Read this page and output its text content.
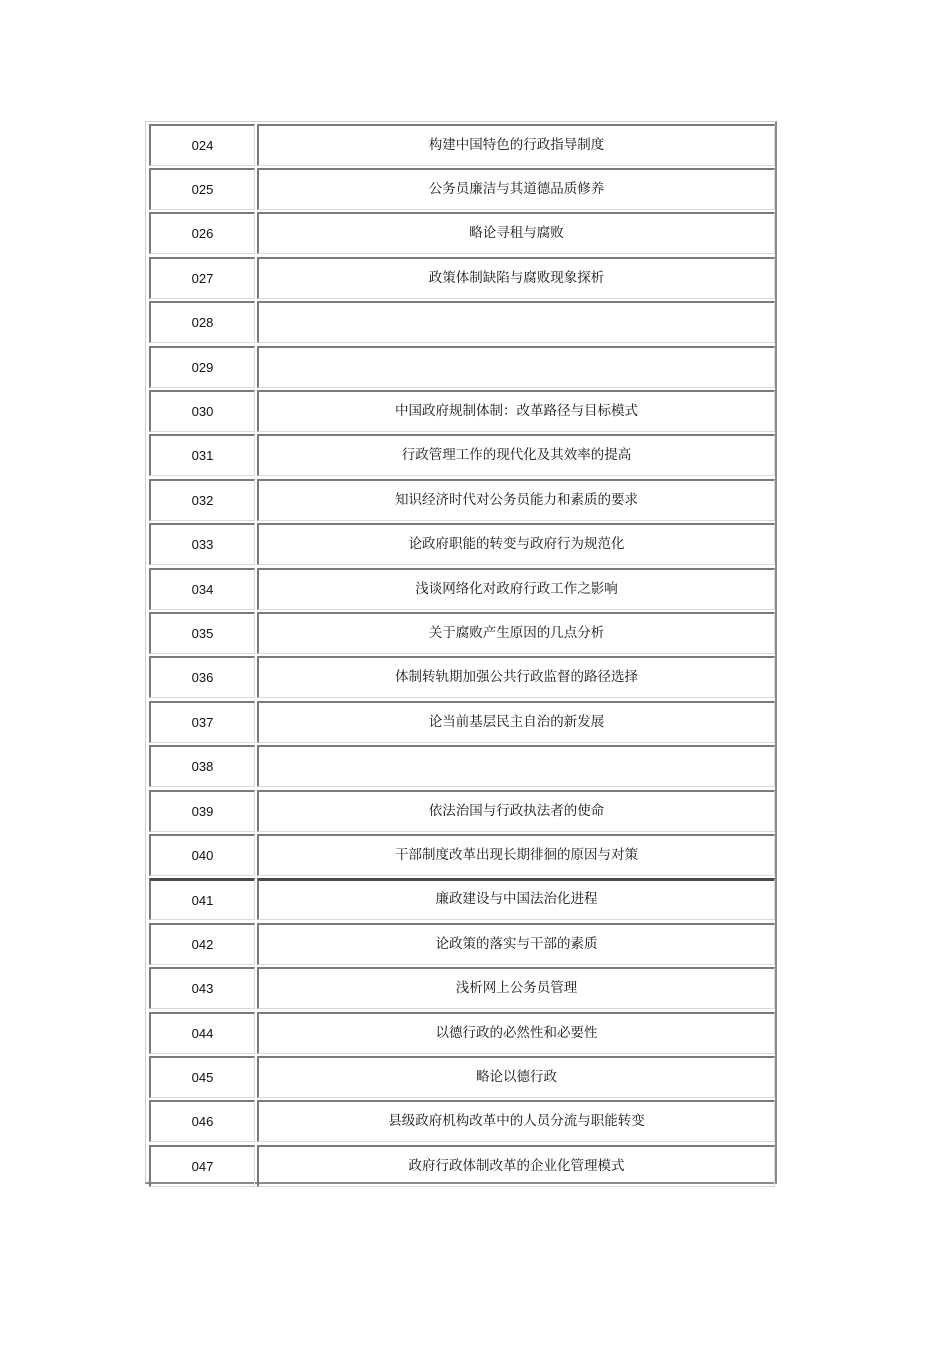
024	构建中国特色的行政指导制度
025	公务员廉洁与其道德品质修养
026	略论寻租与腐败
027	政策体制缺陷与腐败现象探析
028
029
030	中国政府规制体制：改革路径与目标模式
031	行政管理工作的现代化及其效率的提高
032	知识经济时代对公务员能力和素质的要求
033	论政府职能的转变与政府行为规范化
034	浅谈网络化对政府行政工作之影响
035	关于腐败产生原因的几点分析
036	体制转轨期加强公共行政监督的路径选择
037	论当前基层民主自治的新发展
038
039	依法治国与行政执法者的使命
040	干部制度改革出现长期徘徊的原因与对策
041	廉政建设与中国法治化进程
042	论政策的落实与干部的素质
043	浅析网上公务员管理
044	以德行政的必然性和必要性
045	略论以德行政
046	县级政府机构改革中的人员分流与职能转变
047	政府行政体制改革的企业化管理模式
